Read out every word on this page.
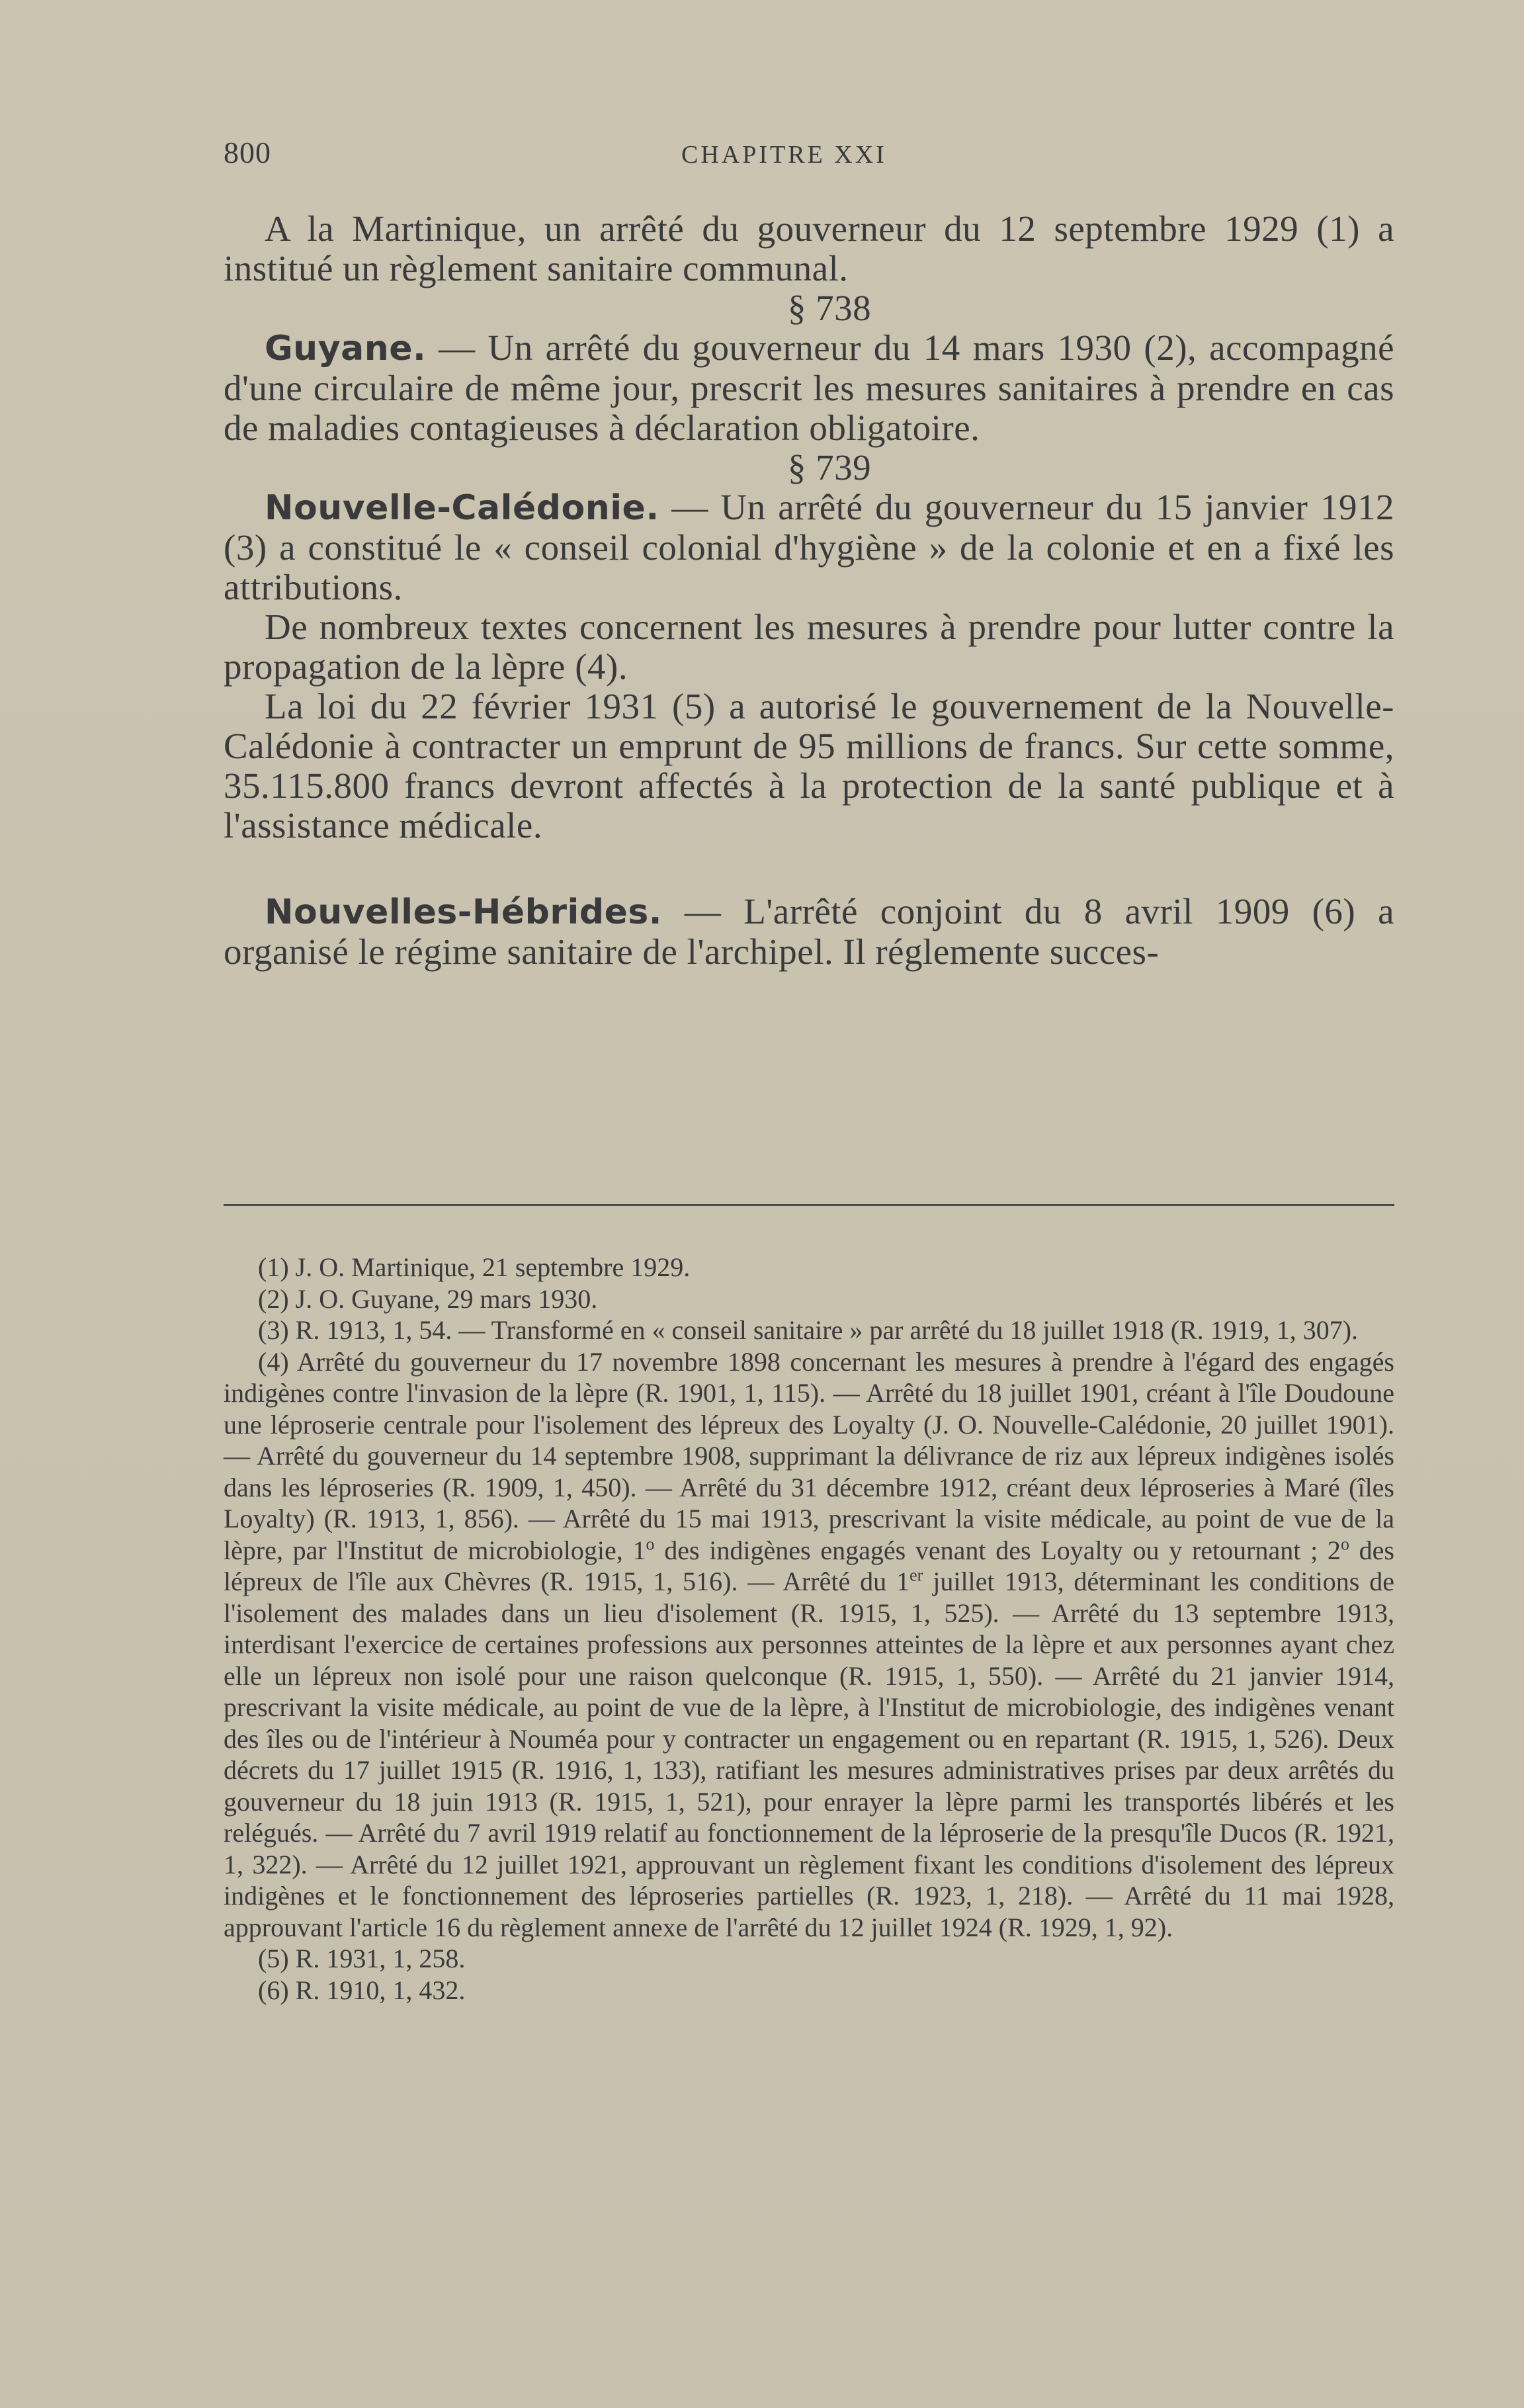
800	CHAPITRE XXI

A la Martinique, un arrêté du gouverneur du 12 septembre 1929 (1) a institué un règlement sanitaire communal.

§ 738

Guyane. — Un arrêté du gouverneur du 14 mars 1930 (2), accompagné d'une circulaire de même jour, prescrit les mesures sanitaires à prendre en cas de maladies contagieuses à déclaration obligatoire.

§ 739

Nouvelle-Calédonie. — Un arrêté du gouverneur du 15 janvier 1912 (3) a constitué le « conseil colonial d'hygiène » de la colonie et en a fixé les attributions.

De nombreux textes concernent les mesures à prendre pour lutter contre la propagation de la lèpre (4).

La loi du 22 février 1931 (5) a autorisé le gouvernement de la Nouvelle-Calédonie à contracter un emprunt de 95 millions de francs. Sur cette somme, 35.115.800 francs devront affectés à la protection de la santé publique et à l'assistance médicale.

Nouvelles-Hébrides. — L'arrêté conjoint du 8 avril 1909 (6) a organisé le régime sanitaire de l'archipel. Il réglemente succes-

(1) J. O. Martinique, 21 septembre 1929.

(2) J. O. Guyane, 29 mars 1930.

(3) R. 1913, 1, 54. — Transformé en « conseil sanitaire » par arrêté du 18 juillet 1918 (R. 1919, 1, 307).

(4) Arrêté du gouverneur du 17 novembre 1898 concernant les mesures à prendre à l'égard des engagés indigènes contre l'invasion de la lèpre (R. 1901, 1, 115). — Arrêté du 18 juillet 1901, créant à l'île Doudoune une léproserie centrale pour l'isolement des lépreux des Loyalty (J. O. Nouvelle-Calédonie, 20 juillet 1901). — Arrêté du gouverneur du 14 septembre 1908, supprimant la délivrance de riz aux lépreux indigènes isolés dans les léproseries (R. 1909, 1, 450). — Arrêté du 31 décembre 1912, créant deux léproseries à Maré (îles Loyalty) (R. 1913, 1, 856). — Arrêté du 15 mai 1913, prescrivant la visite médicale, au point de vue de la lèpre, par l'Institut de microbiologie, 1$^o$ des indigènes engagés venant des Loyalty ou y retournant ; 2$^o$ des lépreux de l'île aux Chèvres (R. 1915, 1, 516). — Arrêté du 1er juillet 1913, déterminant les conditions de l'isolement des malades dans un lieu d'isolement (R. 1915, 1, 525). — Arrêté du 13 septembre 1913, interdisant l'exercice de certaines professions aux personnes atteintes de la lèpre et aux personnes ayant chez elle un lépreux non isolé pour une raison quelconque (R. 1915, 1, 550). — Arrêté du 21 janvier 1914, prescrivant la visite médicale, au point de vue de la lèpre, à l'Institut de microbiologie, des indigènes venant des îles ou de l'intérieur à Nouméa pour y contracter un engagement ou en repartant (R. 1915, 1, 526). Deux décrets du 17 juillet 1915 (R. 1916, 1, 133), ratifiant les mesures administratives prises par deux arrêtés du gouverneur du 18 juin 1913 (R. 1915, 1, 521), pour enrayer la lèpre parmi les transportés libérés et les relégués. — Arrêté du 7 avril 1919 relatif au fonctionnement de la léproserie de la presqu'île Ducos (R. 1921, 1, 322). — Arrêté du 12 juillet 1921, approuvant un règlement fixant les conditions d'isolement des lépreux indigènes et le fonctionnement des léproseries partielles (R. 1923, 1, 218). — Arrêté du 11 mai 1928, approuvant l'article 16 du règlement annexe de l'arrêté du 12 juillet 1924 (R. 1929, 1, 92).

(5) R. 1931, 1, 258.

(6) R. 1910, 1, 432.
